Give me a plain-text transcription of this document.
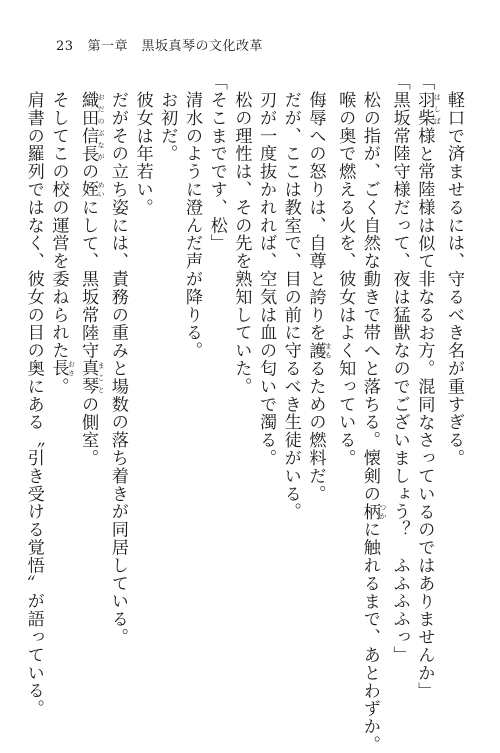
23 第一章　黒坂真琴の文化改革
　軽口で済ませるには、守るべき名が重すぎる。
「羽柴 はしば様と常陸様は似て非なるお方。混同なさっているのではありませんか」
「黒坂常陸守様だって、夜は猛獣なのでございましょう？　ふふふふっ」
　松の指が、ごく自然な動きで帯へと落ちる。懐剣の柄 つかに触れるまで、あとわずか。
　喉の奥で燃える火を、彼女はよく知っている。
　侮辱への怒りは、自尊と誇りを護 まもるための燃料だ。
　だが、ここは教室で、目の前に守るべき生徒がいる。
　刃が一度抜かれれば、空気は血の匂いで濁る。
　松の理性は、その先を熟知していた。
「そこまでです、松」
　清水のように澄んだ声が降りる。
　お初だ。
　彼女は年若い。
　だがその立ち姿には、責務の重みと場数の落ち着きが同居している。
　織田信長 おだのぶながの姪 めいにして、黒坂常陸守真琴 まことの側室。
　そしてこの校の運営を委ねられた長 おさ。
　肩書の羅列ではなく、彼女の目の奥にある〝引き受ける覚悟〟が語っている。
